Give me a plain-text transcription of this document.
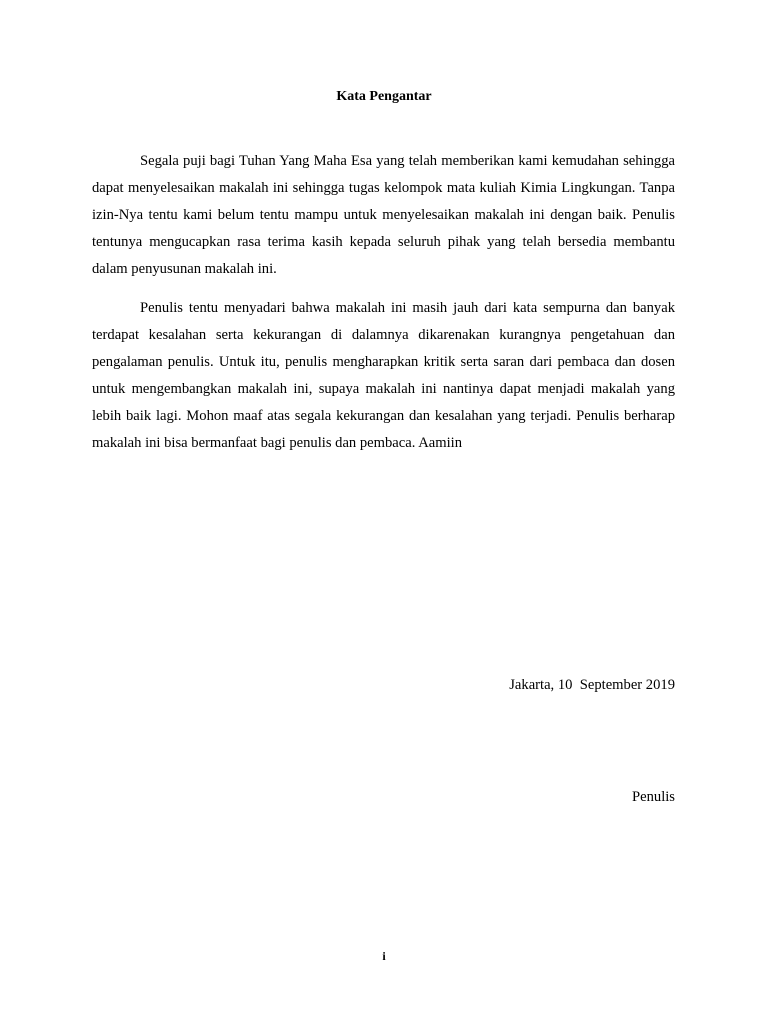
Kata Pengantar

Segala puji bagi Tuhan Yang Maha Esa yang telah memberikan kami kemudahan sehingga dapat menyelesaikan makalah ini sehingga tugas kelompok mata kuliah Kimia Lingkungan. Tanpa izin-Nya tentu kami belum tentu mampu untuk menyelesaikan makalah ini dengan baik. Penulis tentunya mengucapkan rasa terima kasih kepada seluruh pihak yang telah bersedia membantu dalam penyusunan makalah ini.

Penulis tentu menyadari bahwa makalah ini masih jauh dari kata sempurna dan banyak terdapat kesalahan serta kekurangan di dalamnya dikarenakan kurangnya pengetahuan dan pengalaman penulis. Untuk itu, penulis mengharapkan kritik serta saran dari pembaca dan dosen untuk mengembangkan makalah ini, supaya makalah ini nantinya dapat menjadi makalah yang lebih baik lagi. Mohon maaf atas segala kekurangan dan kesalahan yang terjadi. Penulis berharap makalah ini bisa bermanfaat bagi penulis dan pembaca. Aamiin

Jakarta, 10  September 2019
Penulis
i
